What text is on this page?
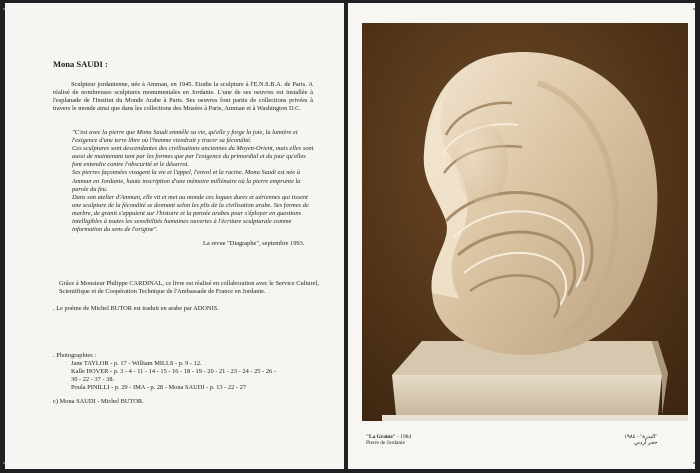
Mona SAUDI :
Sculpteur jordanienne, née à Amman, en 1945. Etudie la sculpture à l'E.N.S.B.A. de Paris. A réalisé de nombreuses sculptures monumentales en Jordanie. L'une de ses oeuvres est installée à l'esplanade de l'Institut du Monde Arabe à Paris. Ses oeuvres font partie de collections privées à travers le monde ainsi que dans les collections des Musées à Paris, Amman et à Washington D.C.

"C'est avec la pierre que Mona Saudi emmêle sa vie, qu'elle y forge la joie, la lumière et l'exigence d'une terre libre où l'homme viendrait y tracer sa fécondité.

Ces sculptures sont descendantes des civilisations anciennes du Moyen-Orient, mais elles sont aussi de maintenant tant par les formes que par l'exigence du primordial et du jour qu'elles font entendre contre l'obscurité et le désarroi.

Ses pierres façonnées visagent la vie et l'appel, l'envol et la racine. Mona Saudi est née à Amman en Jordanie, haute inscription d'une mémoire millénaire où la pierre emprunte la parole du feu.

Dans son atelier d'Amman, elle vit et met au monde ces logues dures et aériennes qui tissent une sculpture de la fécondité se donnant selon les plis de la civilisation arabe. Ses formes de marbre, de granit s'appuient sur l'histoire et la pensée arabes pour s'éployer en questions intelligibles à toutes les sensibilités humaines ouvertes à l'écriture sculpturale comme information du sens de l'origine".

La revue "Diagraphe", septembre 1993.
Grâce à Monsieur Philippe CARDINAL, ce livre est réalisé en collaboration avec le Service Culturel, Scientifique et de Coopération Technique de l'Ambassade de France en Jordanie.
. Le poème de Michel BUTOR est traduit en arabe par ADONIS.
. Photographies :
Jane TAYLOR - p. 17 - William MILLS - p. 9 - 12.
Kalle HOVER - p. 3 - 4 - 11 - 14 - 15 - 16 - 18 - 19 - 20 - 21 - 23 - 24 - 25 - 26 -
30 - 22 - 37 - 38.
Poula PINILLI - p. 29 - IMA - p. 28 - Mona SAUDI - p. 13 - 22 - 27
c) Mona SAUDI - Michel BUTOR.
"La Graine" - 1984
Pierre de Jordanie
"البذرة" - ١٩٨٤
حجر أردني
